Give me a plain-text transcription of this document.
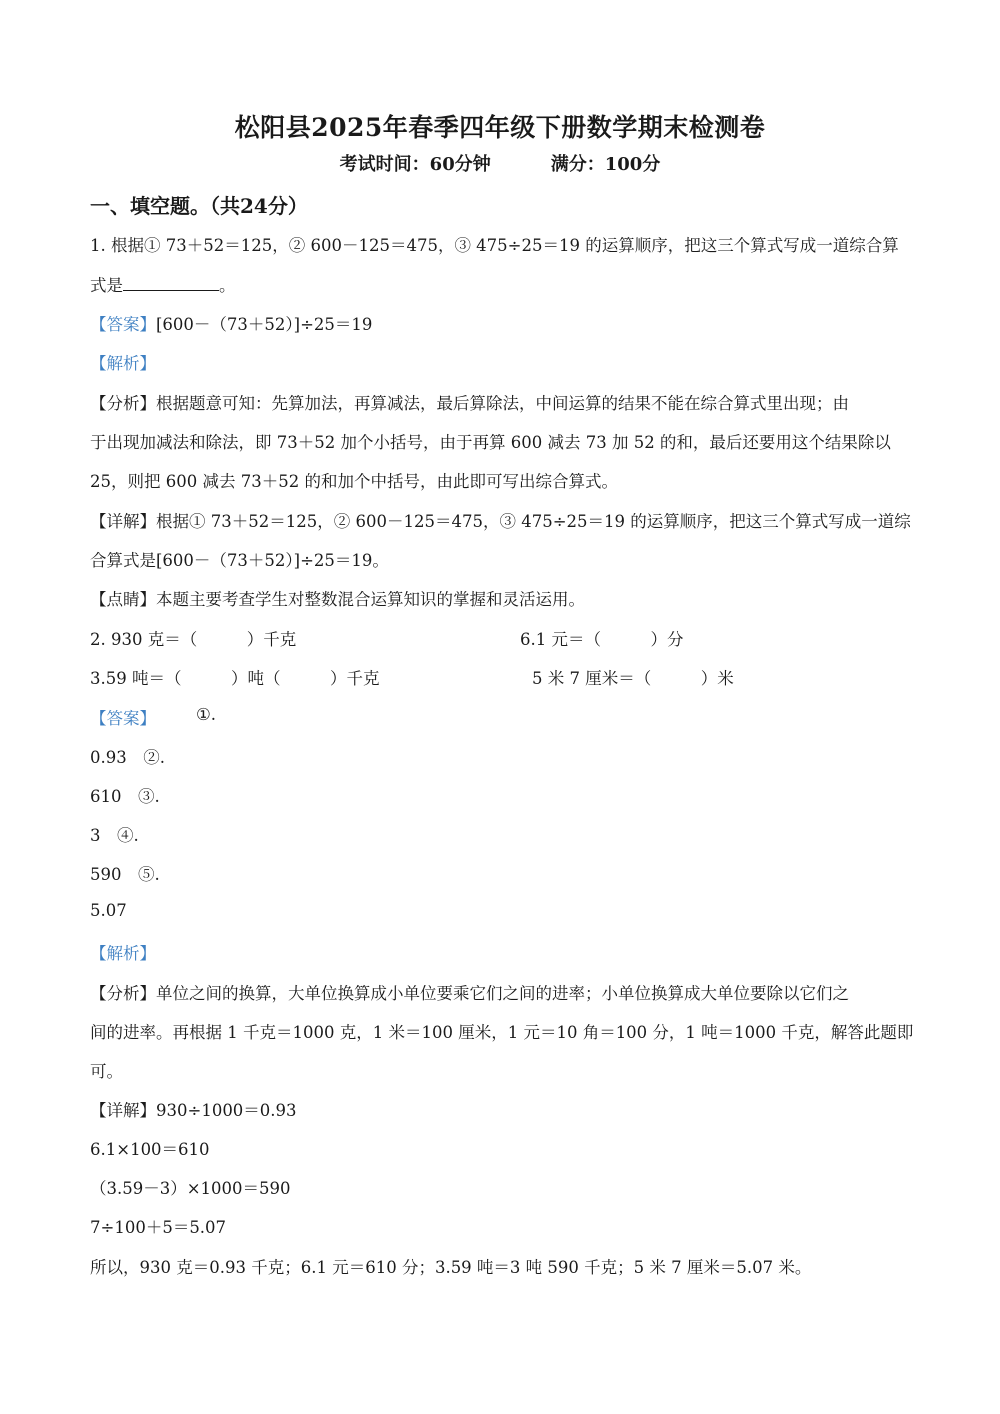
松阳县2025年春季四年级下册数学期末检测卷
考试时间：60分钟	满分：100分
一、填空题。（共24分）
1. 根据① 73＋52＝125，② 600－125＝475，③ 475÷25＝19 的运算顺序，把这三个算式写成一道综合算
式是	。
【答案】[600－（73＋52）]÷25＝19
【解析】
【分析】根据题意可知：先算加法，再算减法，最后算除法，中间运算的结果不能在综合算式里出现；由
于出现加减法和除法，即 73＋52 加个小括号，由于再算 600 减去 73 加 52 的和，最后还要用这个结果除以
25，则把 600 减去 73＋52 的和加个中括号，由此即可写出综合算式。
【详解】根据① 73＋52＝125，② 600－125＝475，③ 475÷25＝19 的运算顺序，把这三个算式写成一道综
合算式是[600－（73＋52）]÷25＝19。
【点睛】本题主要考查学生对整数混合运算知识的掌握和灵活运用。
2. 930 克＝（　　　）千克	6.1 元＝（　　　）分
3.59 吨＝（　　　）吨（　　　）千克	5 米 7 厘米＝（　　　）米
【答案】 ①.
0.93　②.
610　③.
3　④.
590　⑤.
5.07
【解析】
【分析】单位之间的换算，大单位换算成小单位要乘它们之间的进率；小单位换算成大单位要除以它们之
间的进率。再根据 1 千克＝1000 克，1 米＝100 厘米，1 元＝10 角＝100 分，1 吨＝1000 千克，解答此题即
可。
【详解】930÷1000＝0.93
6.1×100＝610
（3.59－3）×1000＝590
7÷100＋5＝5.07
所以，930 克＝0.93 千克；6.1 元＝610 分；3.59 吨＝3 吨 590 千克；5 米 7 厘米＝5.07 米。
